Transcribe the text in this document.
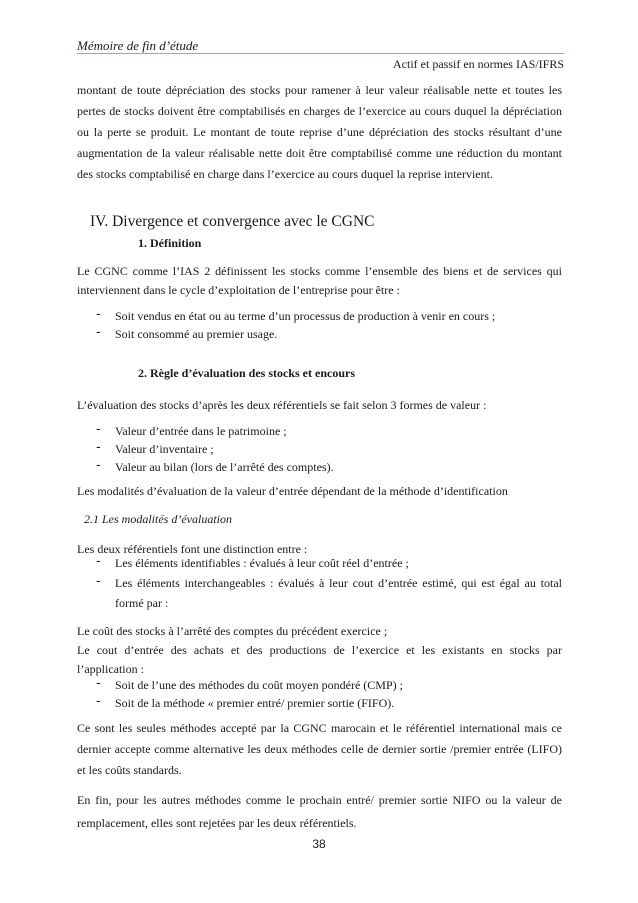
Mémoire de fin d’étude
Actif et passif en normes IAS/IFRS
montant de toute dépréciation des stocks pour ramener à leur valeur réalisable nette et toutes les pertes de stocks doivent être comptabilisés en charges de l’exercice au cours duquel la dépréciation ou la perte se produit. Le montant de toute reprise d’une dépréciation des stocks résultant d’une augmentation de la valeur réalisable nette doit être comptabilisé comme une réduction du montant des stocks comptabilisé en charge dans l’exercice au cours duquel la reprise intervient.
IV. Divergence et convergence avec le CGNC
1. Définition
Le CGNC comme l’IAS 2 définissent les stocks comme l’ensemble des biens et de services qui interviennent dans le cycle d’exploitation de l’entreprise pour être :
- Soit vendus en état ou au terme d’un processus de production à venir en cours ;
- Soit consommé au premier usage.
2. Règle d’évaluation des stocks et encours
L’évaluation des stocks d’après les deux référentiels se fait selon 3 formes de valeur :
- Valeur d’entrée dans le patrimoine ;
- Valeur d’inventaire ;
- Valeur au bilan (lors de l’arrêté des comptes).
Les modalités d’évaluation de la valeur d’entrée dépendant de la méthode d’identification
2.1 Les modalités d’évaluation
Les deux référentiels font une distinction entre :
- Les éléments identifiables : évalués à leur coût réel d’entrée ;
- Les éléments interchangeables : évalués à leur cout d’entrée estimé, qui est égal au total formé par :
Le coût des stocks à l’arrêté des comptes du précédent exercice ;
Le cout d’entrée des achats et des productions de l’exercice et les existants en stocks par l’application :
- Soit de l’une des méthodes du coût moyen pondéré (CMP) ;
- Soit de la méthode « premier entré/ premier sortie (FIFO).
Ce sont les seules méthodes accepté par la CGNC marocain et le référentiel international mais ce dernier accepte comme alternative les deux méthodes celle de dernier sortie /premier entrée (LIFO) et les coûts standards.
En fin, pour les autres méthodes comme le prochain entré/ premier sortie NIFO ou la valeur de remplacement, elles sont rejetées par les deux référentiels.
38
